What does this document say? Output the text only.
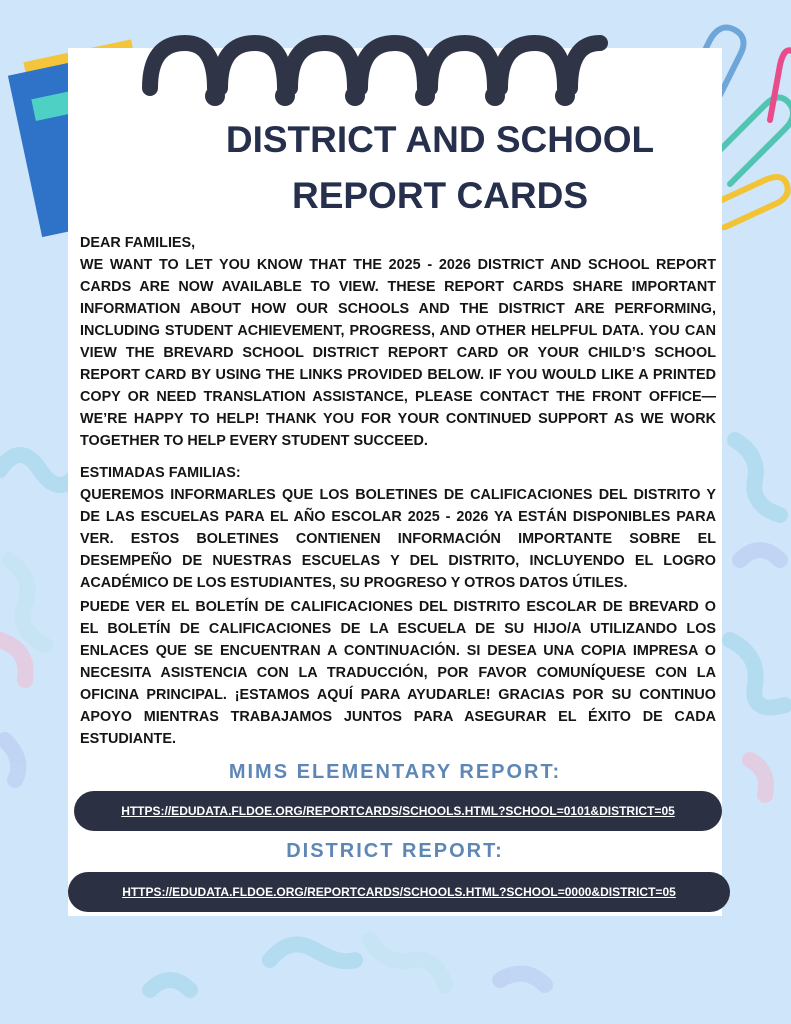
DISTRICT AND SCHOOL
REPORT CARDS

DEAR FAMILIES,

WE WANT TO LET YOU KNOW THAT THE 2025 - 2026 DISTRICT AND SCHOOL REPORT CARDS ARE NOW AVAILABLE TO VIEW. THESE REPORT CARDS SHARE IMPORTANT INFORMATION ABOUT HOW OUR SCHOOLS AND THE DISTRICT ARE PERFORMING, INCLUDING STUDENT ACHIEVEMENT, PROGRESS, AND OTHER HELPFUL DATA. YOU CAN VIEW THE BREVARD SCHOOL DISTRICT REPORT CARD OR YOUR CHILD’S SCHOOL REPORT CARD BY USING THE LINKS PROVIDED BELOW. IF YOU WOULD LIKE A PRINTED COPY OR NEED TRANSLATION ASSISTANCE, PLEASE CONTACT THE FRONT OFFICE—WE’RE HAPPY TO HELP! THANK YOU FOR YOUR CONTINUED SUPPORT AS WE WORK TOGETHER TO HELP EVERY STUDENT SUCCEED.

ESTIMADAS FAMILIAS:

QUEREMOS INFORMARLES QUE LOS BOLETINES DE CALIFICACIONES DEL DISTRITO Y DE LAS ESCUELAS PARA EL AÑO ESCOLAR 2025 - 2026 YA ESTÁN DISPONIBLES PARA VER. ESTOS BOLETINES CONTIENEN INFORMACIÓN IMPORTANTE SOBRE EL DESEMPEÑO DE NUESTRAS ESCUELAS Y DEL DISTRITO, INCLUYENDO EL LOGRO ACADÉMICO DE LOS ESTUDIANTES, SU PROGRESO Y OTROS DATOS ÚTILES.

PUEDE VER EL BOLETÍN DE CALIFICACIONES DEL DISTRITO ESCOLAR DE BREVARD O EL BOLETÍN DE CALIFICACIONES DE LA ESCUELA DE SU HIJO/A UTILIZANDO LOS ENLACES QUE SE ENCUENTRAN A CONTINUACIÓN. SI DESEA UNA COPIA IMPRESA O NECESITA ASISTENCIA CON LA TRADUCCIÓN, POR FAVOR COMUNÍQUESE CON LA OFICINA PRINCIPAL. ¡ESTAMOS AQUÍ PARA AYUDARLE! GRACIAS POR SU CONTINUO APOYO MIENTRAS TRABAJAMOS JUNTOS PARA ASEGURAR EL ÉXITO DE CADA ESTUDIANTE.

MIMS ELEMENTARY REPORT:
HTTPS://EDUDATA.FLDOE.ORG/REPORTCARDS/SCHOOLS.HTML?SCHOOL=0101&DISTRICT=05
DISTRICT REPORT:
HTTPS://EDUDATA.FLDOE.ORG/REPORTCARDS/SCHOOLS.HTML?SCHOOL=0000&DISTRICT=05
